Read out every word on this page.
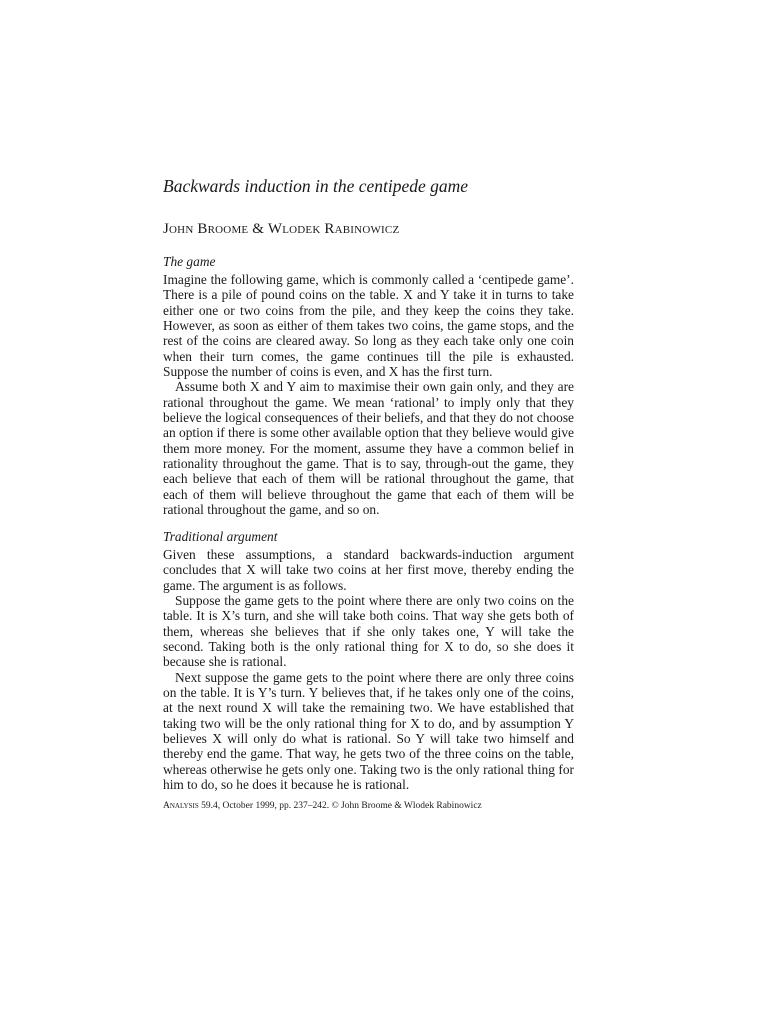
Backwards induction in the centipede game

John Broome & Wlodek Rabinowicz

The game

Imagine the following game, which is commonly called a ‘centipede game’. There is a pile of pound coins on the table. X and Y take it in turns to take either one or two coins from the pile, and they keep the coins they take. However, as soon as either of them takes two coins, the game stops, and the rest of the coins are cleared away. So long as they each take only one coin when their turn comes, the game continues till the pile is exhausted. Suppose the number of coins is even, and X has the first turn.

Assume both X and Y aim to maximise their own gain only, and they are rational throughout the game. We mean ‘rational’ to imply only that they believe the logical consequences of their beliefs, and that they do not choose an option if there is some other available option that they believe would give them more money. For the moment, assume they have a common belief in rationality throughout the game. That is to say, through-out the game, they each believe that each of them will be rational throughout the game, that each of them will believe throughout the game that each of them will be rational throughout the game, and so on.

Traditional argument

Given these assumptions, a standard backwards-induction argument concludes that X will take two coins at her first move, thereby ending the game. The argument is as follows.

Suppose the game gets to the point where there are only two coins on the table. It is X’s turn, and she will take both coins. That way she gets both of them, whereas she believes that if she only takes one, Y will take the second. Taking both is the only rational thing for X to do, so she does it because she is rational.

Next suppose the game gets to the point where there are only three coins on the table. It is Y’s turn. Y believes that, if he takes only one of the coins, at the next round X will take the remaining two. We have established that taking two will be the only rational thing for X to do, and by assumption Y believes X will only do what is rational. So Y will take two himself and thereby end the game. That way, he gets two of the three coins on the table, whereas otherwise he gets only one. Taking two is the only rational thing for him to do, so he does it because he is rational.

Analysis 59.4, October 1999, pp. 237–242. © John Broome & Wlodek Rabinowicz
